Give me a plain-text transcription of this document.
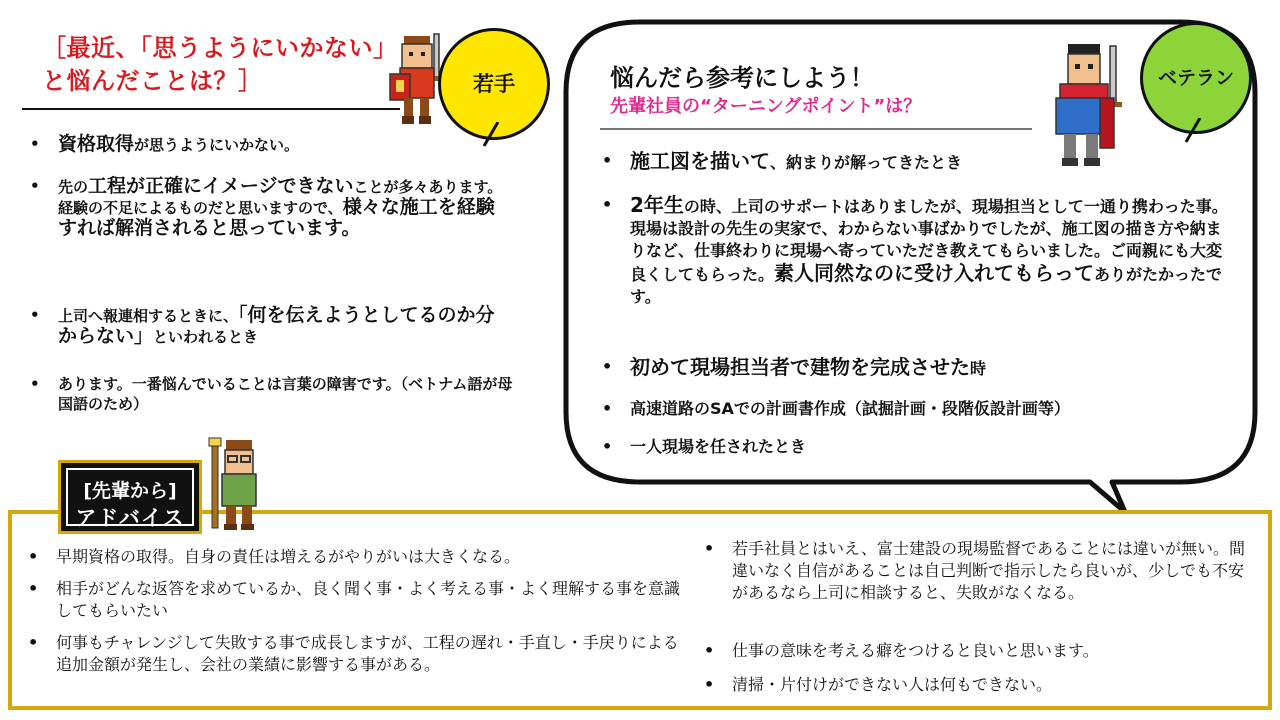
［最近、「思うようにいかない」と悩んだことは？］	若手
• 資格取得が思うようにいかない。
• 先の工程が正確にイメージできないことが多々あります。経験の不足によるものだと思いますので、様々な施工を経験すれば解消されると思っています。
• 上司へ報連相するときに、「何を伝えようとしてるのか分からない」といわれるとき
• あります。一番悩んでいることは言葉の障害です。（ベトナム語が母国語のため）
悩んだら参考にしよう！
先輩社員の“ターニングポイント”は？
ベテラン
• 施工図を描いて、納まりが解ってきたとき
• 2年生の時、上司のサポートはありましたが、現場担当として一通り携わった事。現場は設計の先生の実家で、わからない事ばかりでしたが、施工図の描き方や納まりなど、仕事終わりに現場へ寄っていただき教えてもらいました。ご両親にも大変良くしてもらった。素人同然なのに受け入れてもらってありがたかったです。
• 初めて現場担当者で建物を完成させた時
• 高速道路のSAでの計画書作成（試掘計画・段階仮設計画等）
• 一人現場を任されたとき
[先輩から]
アドバイス
• 早期資格の取得。自身の責任は増えるがやりがいは大きくなる。
• 相手がどんな返答を求めているか、良く聞く事・よく考える事・よく理解する事を意識してもらいたい
• 何事もチャレンジして失敗する事で成長しますが、工程の遅れ・手直し・手戻りによる追加金額が発生し、会社の業績に影響する事がある。
• 若手社員とはいえ、富士建設の現場監督であることには違いが無い。間違いなく自信があることは自己判断で指示したら良いが、少しでも不安があるなら上司に相談すると、失敗がなくなる。
• 仕事の意味を考える癖をつけると良いと思います。
• 清掃・片付けができない人は何もできない。
